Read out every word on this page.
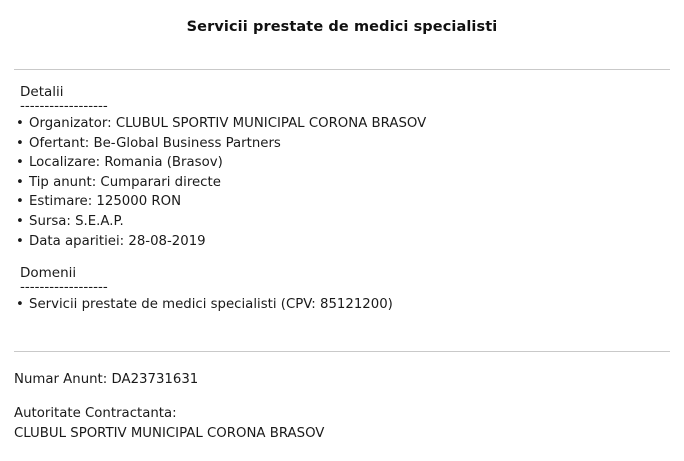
Servicii prestate de medici specialisti
Detalii
------------------
• Organizator: CLUBUL SPORTIV MUNICIPAL CORONA BRASOV
• Ofertant: Be-Global Business Partners
• Localizare: Romania (Brasov)
• Tip anunt: Cumparari directe
• Estimare: 125000 RON
• Sursa: S.E.A.P.
• Data aparitiei: 28-08-2019
Domenii
------------------
• Servicii prestate de medici specialisti (CPV: 85121200)
Numar Anunt: DA23731631
Autoritate Contractanta:
CLUBUL SPORTIV MUNICIPAL CORONA BRASOV
